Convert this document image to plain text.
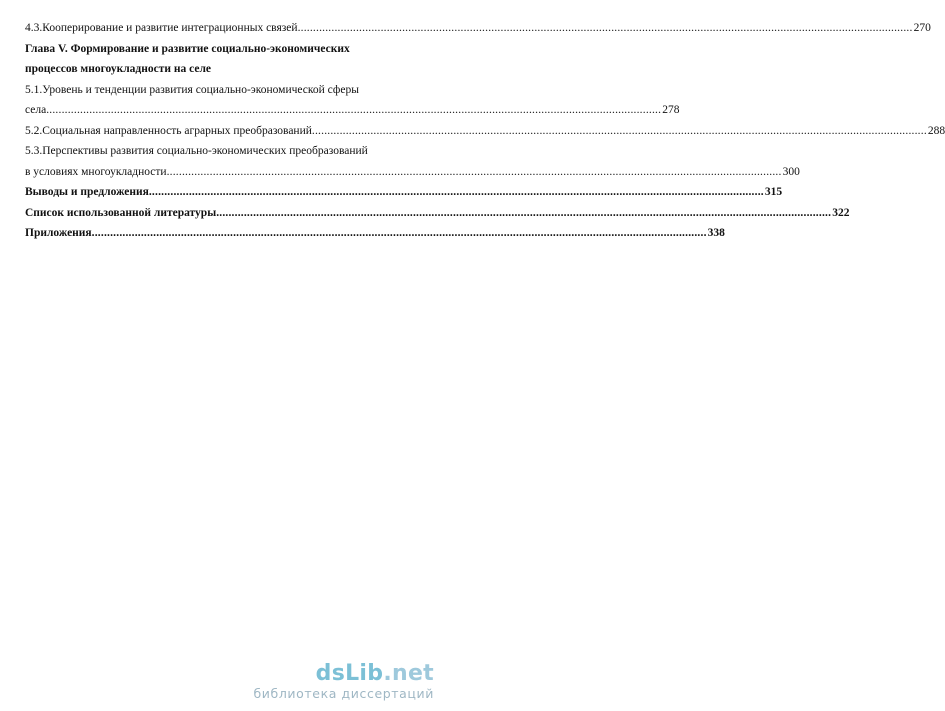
4.3.Кооперирование и развитие интеграционных связей ........................................................................................................................................................................................................ 270
Глава V. Формирование и развитие социально-экономических
процессов многоукладности на селе
5.1.Уровень и тенденции развития социально-экономической сферы
села ........................................................................................................................................................................................................ 278
5.2.Социальная направленность аграрных преобразований ........................................................................................................................................................................................................ 288
5.3.Перспективы развития социально-экономических преобразований
в условиях многоукладности ........................................................................................................................................................................................................ 300
Выводы и предложения ........................................................................................................................................................................................................ 315
Список использованной литературы ........................................................................................................................................................................................................ 322
Приложения ........................................................................................................................................................................................................ 338
dsLib.net
библиотека диссертаций
